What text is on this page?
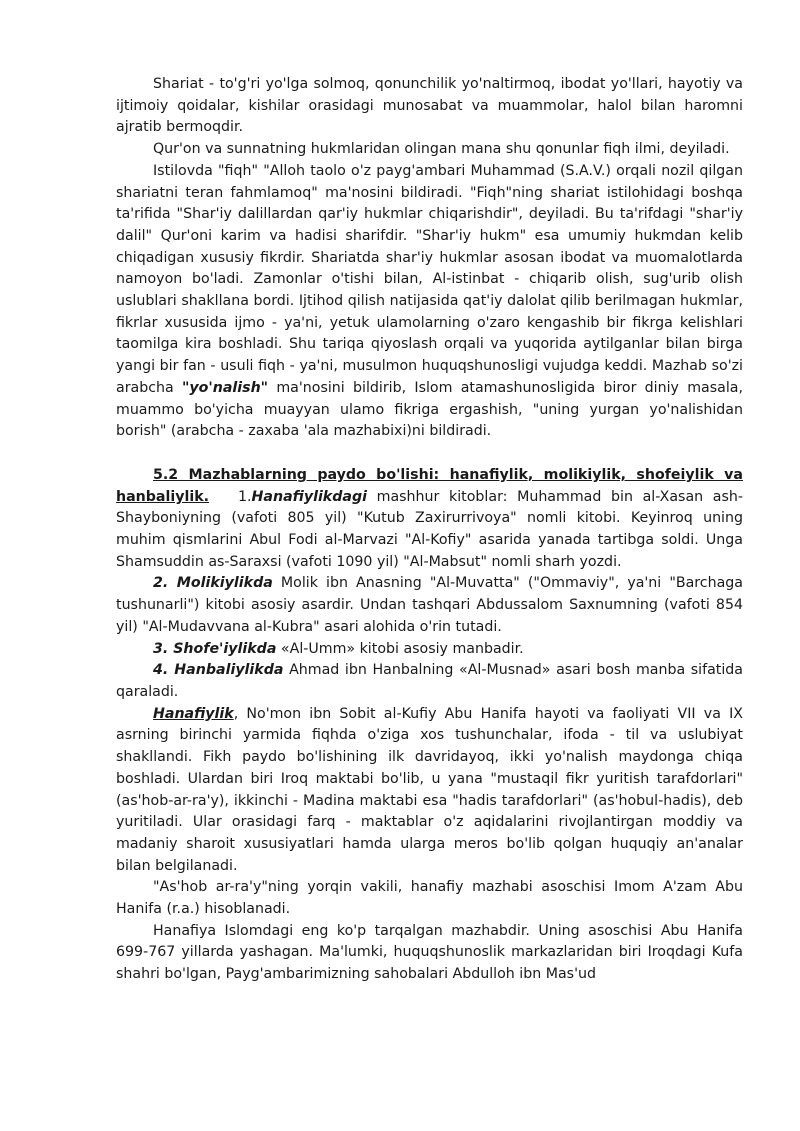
Shariat - to'g'ri yo'lga solmoq, qonunchilik yo'naltirmoq, ibodat yo'llari, hayotiy va ijtimoiy qoidalar, kishilar orasidagi munosabat va muammolar, halol bilan haromni ajratib bermoqdir.

Qur'on va sunnatning hukmlaridan olingan mana shu qonunlar fiqh ilmi, deyiladi.

Istilovda "fiqh" "Alloh taolo o'z payg'ambari Muhammad (S.A.V.) orqali nozil qilgan shariatni teran fahmlamoq" ma'nosini bildiradi. "Fiqh"ning shariat istilohidagi boshqa ta'rifida "Shar'iy dalillardan qar'iy hukmlar chiqarishdir", deyiladi. Bu ta'rifdagi "shar'iy dalil" Qur'oni karim va hadisi sharifdir. "Shar'iy hukm" esa umumiy hukmdan kelib chiqadigan xususiy fikrdir. Shariatda shar'iy hukmlar asosan ibodat va muomalotlarda namoyon bo'ladi. Zamonlar o'tishi bilan, Al-istinbat - chiqarib olish, sug'urib olish uslublari shakllana bordi. Ijtihod qilish natijasida qat'iy dalolat qilib berilmagan hukmlar, fikrlar xususida ijmo - ya'ni, yetuk ulamolarning o'zaro kengashib bir fikrga kelishlari taomilga kira boshladi. Shu tariqa qiyoslash orqali va yuqorida aytilganlar bilan birga yangi bir fan - usuli fiqh - ya'ni, musulmon huquqshunosligi vujudga keddi. Mazhab so'zi arabcha "yo'nalish" ma'nosini bildirib, Islom atamashunosligida biror diniy masala, muammo bo'yicha muayyan ulamo fikriga ergashish, "uning yurgan yo'nalishidan borish" (arabcha - zaxaba 'ala mazhabixi)ni bildiradi.

5.2 Mazhablarning paydo bo'lishi: hanafiylik, molikiylik, shofeiylik va hanbaliylik. 1.Hanafiylikdagi mashhur kitoblar: Muhammad bin al-Xasan ash-Shayboniyning (vafoti 805 yil) "Kutub Zaxirurrivoya" nomli kitobi. Keyinroq uning muhim qismlarini Abul Fodi al-Marvazi "Al-Kofiy" asarida yanada tartibga soldi. Unga Shamsuddin as-Saraxsi (vafoti 1090 yil) "Al-Mabsut" nomli sharh yozdi.

2. Molikiylikda Molik ibn Anasning "Al-Muvatta" ("Ommaviy", ya'ni "Barchaga tushunarli") kitobi asosiy asardir. Undan tashqari Abdussalom Saxnumning (vafoti 854 yil) "Al-Mudavvana al-Kubra" asari alohida o'rin tutadi.

3. Shofe'iylikda «Al-Umm» kitobi asosiy manbadir.

4. Hanbaliylikda Ahmad ibn Hanbalning «Al-Musnad» asari bosh manba sifatida qaraladi.

Hanafiylik, No'mon ibn Sobit al-Kufiy Abu Hanifa hayoti va faoliyati VII va IX asrning birinchi yarmida fiqhda o'ziga xos tushunchalar, ifoda - til va uslubiyat shakllandi. Fikh paydo bo'lishining ilk davridayoq, ikki yo'nalish maydonga chiqa boshladi. Ulardan biri Iroq maktabi bo'lib, u yana "mustaqil fikr yuritish tarafdorlari" (as'hob-ar-ra'y), ikkinchi - Madina maktabi esa "hadis tarafdorlari" (as'hobul-hadis), deb yuritiladi. Ular orasidagi farq - maktablar o'z aqidalarini rivojlantirgan moddiy va madaniy sharoit xususiyatlari hamda ularga meros bo'lib qolgan huquqiy an'analar bilan belgilanadi.

"As'hob ar-ra'y"ning yorqin vakili, hanafiy mazhabi asoschisi Imom A'zam Abu Hanifa (r.a.) hisoblanadi.

Hanafiya Islomdagi eng ko'p tarqalgan mazhabdir. Uning asoschisi Abu Hanifa 699-767 yillarda yashagan. Ma'lumki, huquqshunoslik markazlaridan biri Iroqdagi Kufa shahri bo'lgan, Payg'ambarimizning sahobalari Abdulloh ibn Mas'ud
